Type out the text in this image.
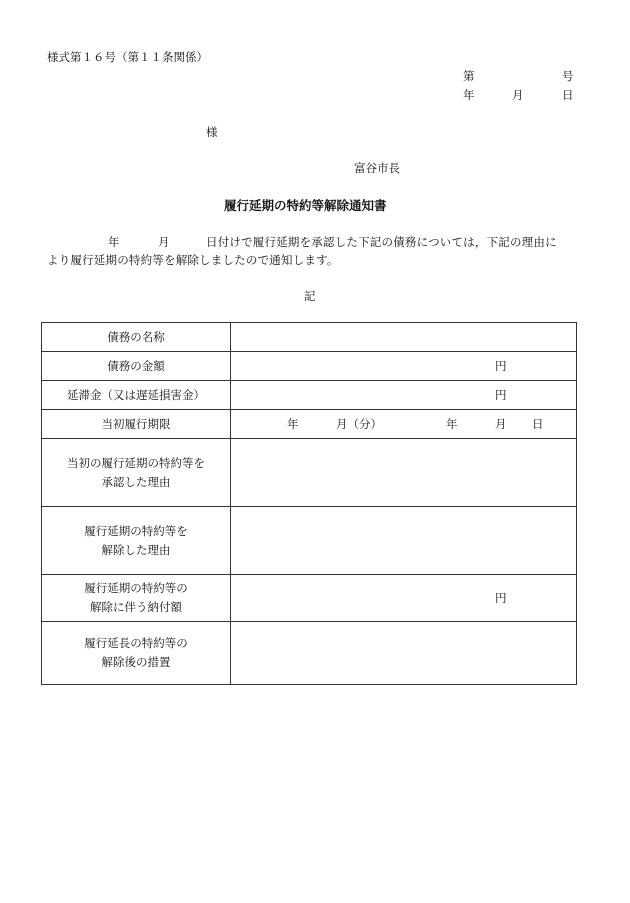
様式第１６号（第１１条関係）
第	号
年	月	日
様
富谷市長
履行延期の特約等解除通知書
年	月	日付けで履行延期を承認した下記の債務については，下記の理由に
より履行延期の特約等を解除しましたので通知します。
記
債務の名称	
債務の金額	円

延滞金（又は遅延損害金）	円

当初履行期限	年 月（分） 年 月 日

当初の履行延期の特約等を
承認した理由	

履行延期の特約等を
解除した理由	

履行延期の特約等の
解除に伴う納付額	円

履行延長の特約等の
解除後の措置	
